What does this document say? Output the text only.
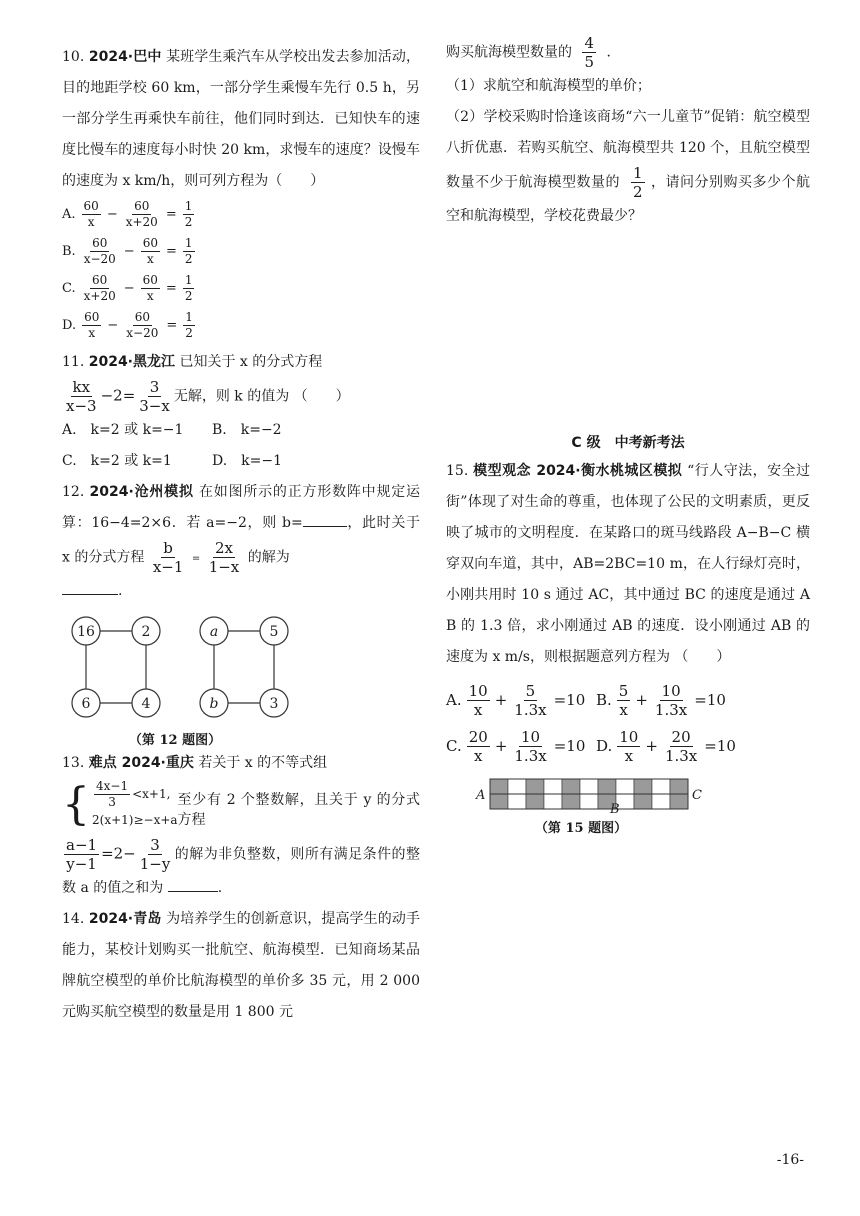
10. 2024·巴中 某班学生乘汽车从学校出发去参加活动，目的地距学校 60 km，一部分学生乘慢车先行 0.5 h，另一部分学生再乘快车前往，他们同时到达．已知快车的速度比慢车的速度每小时快 20 km，求慢车的速度？设慢车的速度为 x km/h，则可列方程为（　　）

A. $\frac{60}{x} - \frac{60}{x+20} = \frac{1}{2}$
B. $\frac{60}{x-20} - \frac{60}{x} = \frac{1}{2}$
C. $\frac{60}{x+20} - \frac{60}{x} = \frac{1}{2}$
D. $\frac{60}{x} - \frac{60}{x-20} = \frac{1}{2}$

11. 2024·黑龙江 已知关于 x 的分式方程

$\frac{kx}{x-3} -2= \frac{3}{3-x}$ 无解，则 k 的值为 （　　）

A.　k=2 或 k=−1 B.　k=−2

C.　k=2 或 k=1	D.　k=−1

12. 2024·沧州模拟 在如图所示的正方形数阵中规定运算：16−4=2×6．若 a=−2，则 b=	，此时关于 x 的分式方程 $\frac{b}{x-1} = \frac{2x}{1-x}$ 的解为
.

16	2
6	4
a	5
b	3
（第 12 题图）

13. 难点 2024·重庆 若关于 x 的不等式组

{ $\frac{4x-1}{3} <x+1$,
2(x+1)≥−x+a
至少有 2 个整数解，且关于 y 的分式方程

$\frac{a-1}{y-1} =2- \frac{3}{1-y}$ 的解为非负整数，则所有满足条件的整数 a 的值之和为	.

14. 2024·青岛 为培养学生的创新意识，提高学生的动手能力，某校计划购买一批航空、航海模型．已知商场某品牌航空模型的单价比航海模型的单价多 35 元，用 2 000 元购买航空模型的数量是用 1 800 元

购买航海模型数量的 $\frac{4}{5}$ ．

（1）求航空和航海模型的单价；

（2）学校采购时恰逢该商场“六一儿童节”促销：航空模型八折优惠．若购买航空、航海模型共 120 个，且航空模型数量不少于航海模型数量的 $\frac{1}{2}$ ，请问分别购买多少个航空和航海模型，学校花费最少？

C 级　中考新考法

15. 模型观念 2024·衡水桃城区模拟 “行人守法，安全过街”体现了对生命的尊重，也体现了公民的文明素质，更反映了城市的文明程度．在某路口的斑马线路段 A−B−C 横穿双向车道，其中，AB=2BC=10 m，在人行绿灯亮时，小刚共用时 10 s 通过 AC，其中通过 BC 的速度是通过 AB 的 1.3 倍，求小刚通过 AB 的速度．设小刚通过 AB 的速度为 x m/s，则根据题意列方程为 （　　）

A. $\frac{10}{x} + \frac{5}{1.3x} =10$ B. $\frac{5}{x} + \frac{10}{1.3x} =10$
C. $\frac{20}{x} + \frac{10}{1.3x} =10$ D. $\frac{10}{x} + \frac{20}{1.3x} =10$
A
B
C
（第 15 题图）
-16-
